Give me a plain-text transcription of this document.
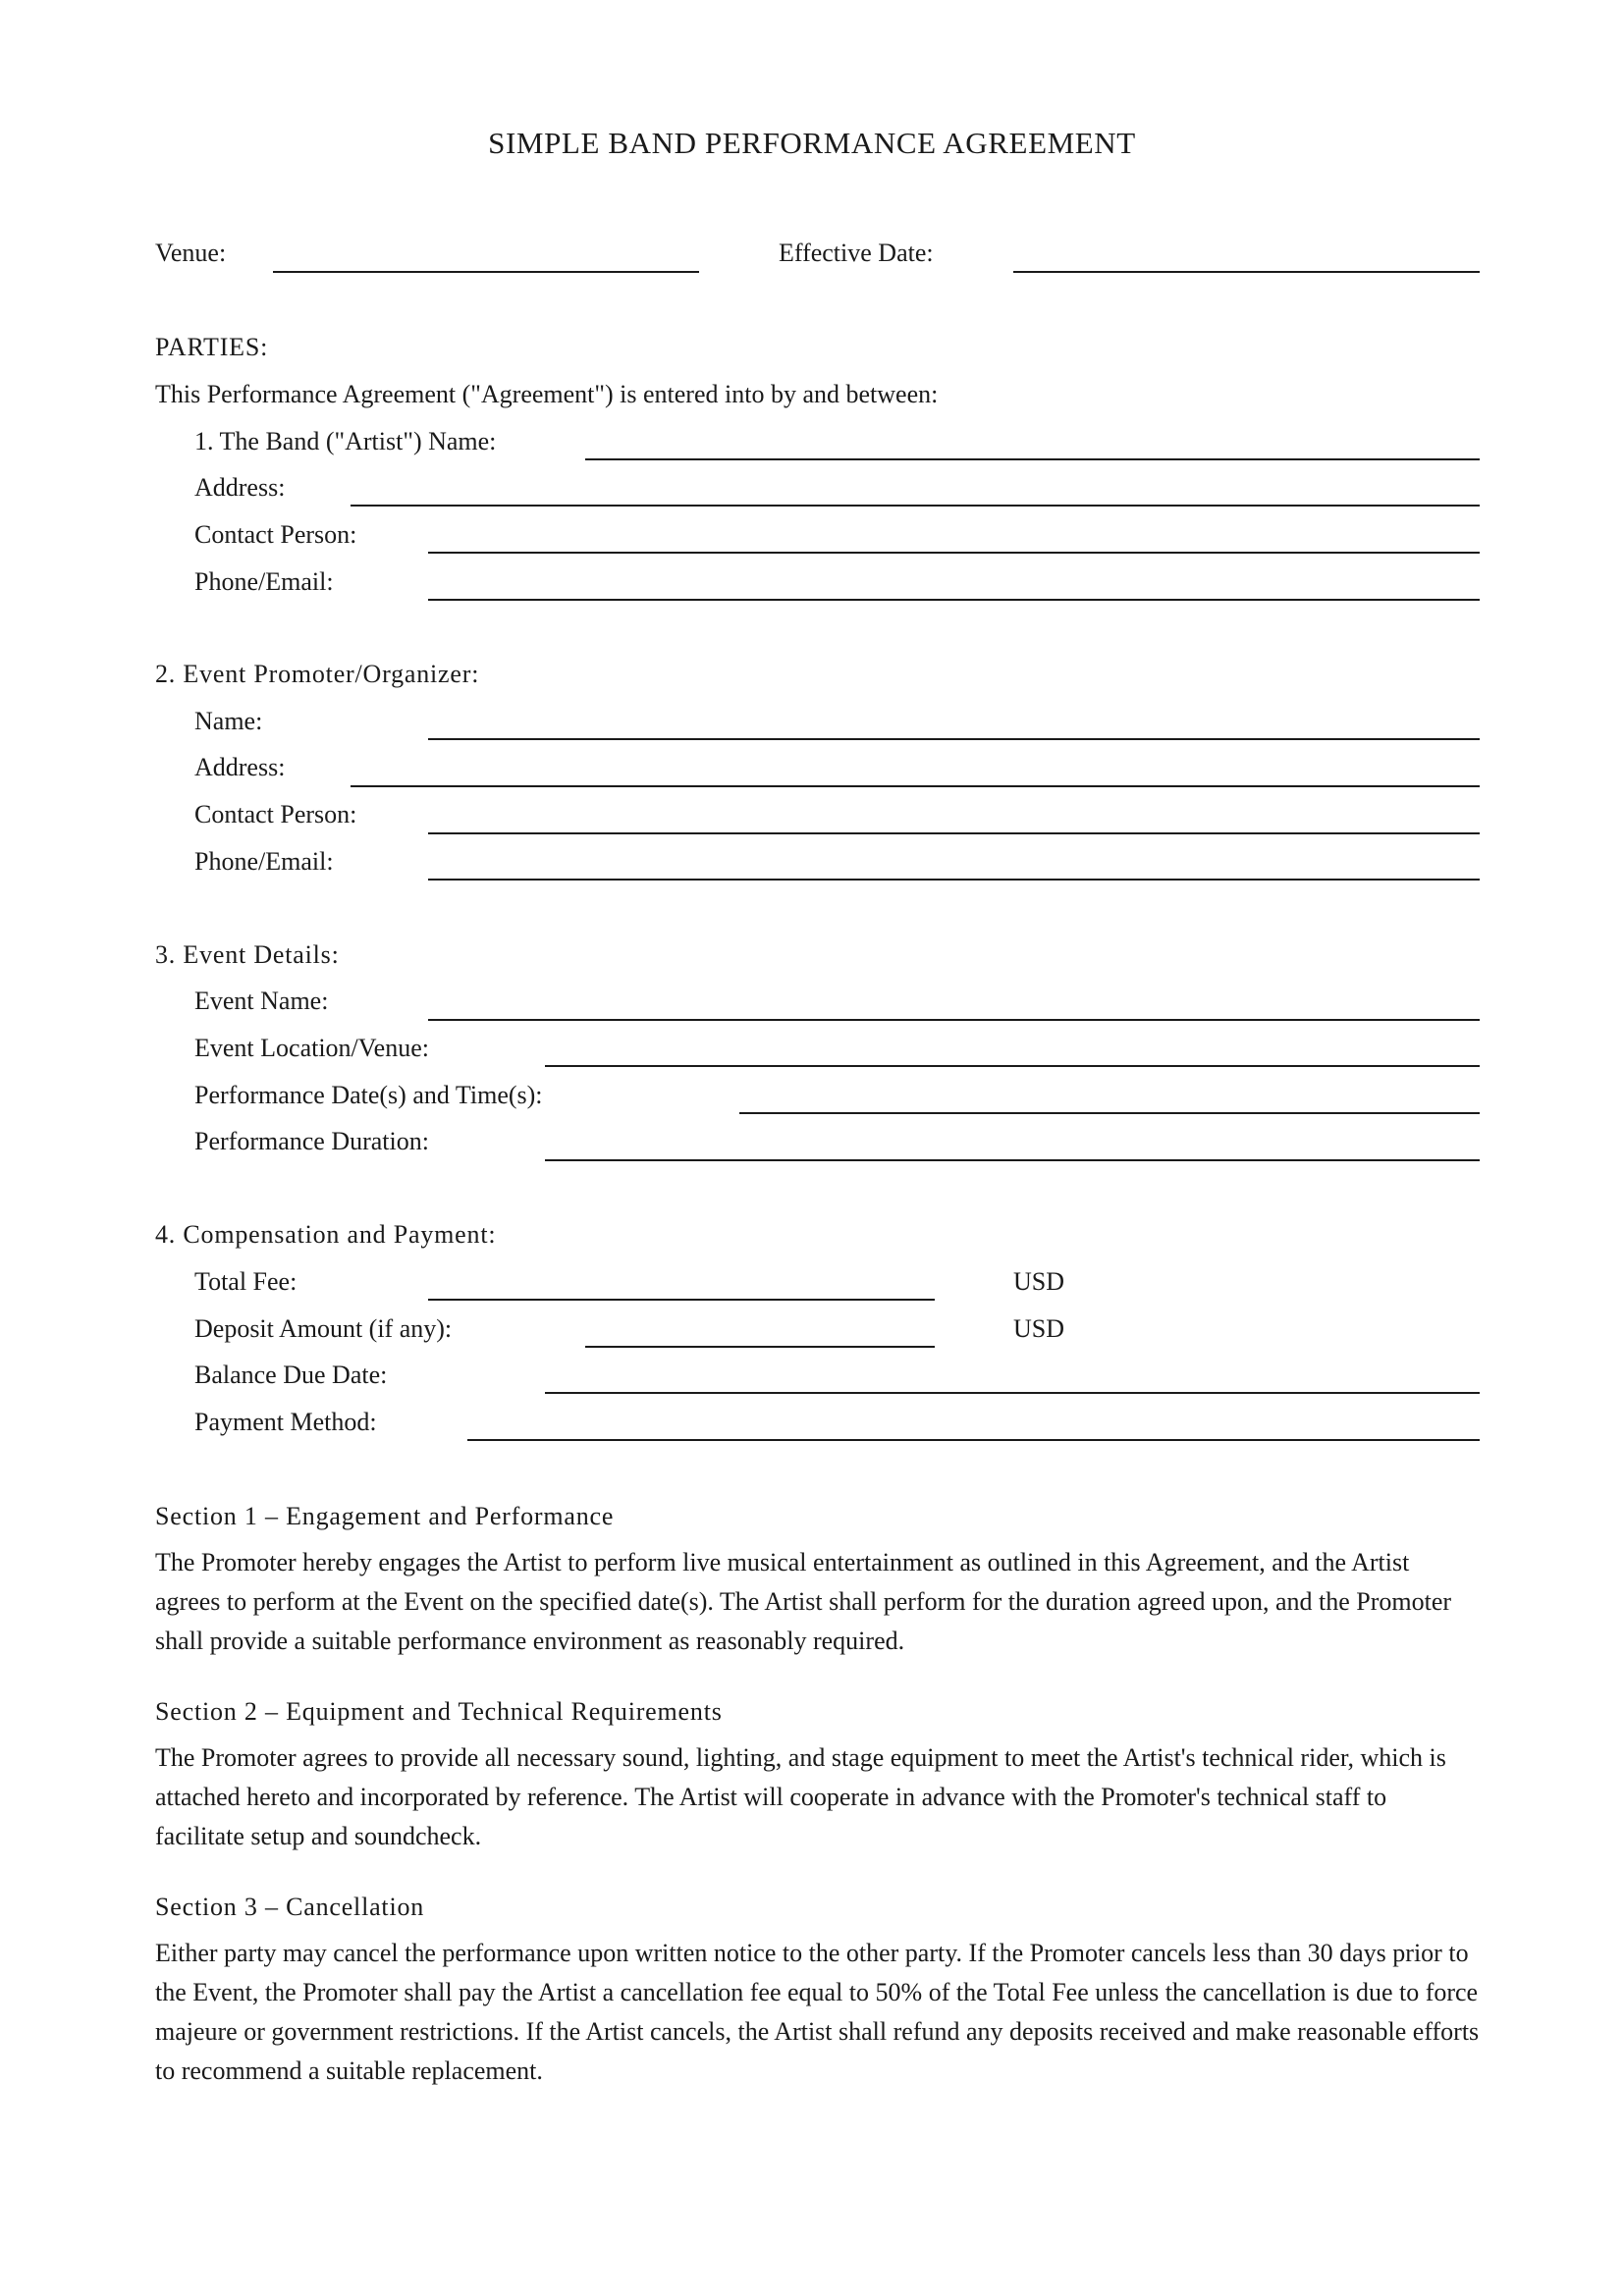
SIMPLE BAND PERFORMANCE AGREEMENT
Venue:	Effective Date:
PARTIES:
This Performance Agreement ("Agreement") is entered into by and between:
1. The Band ("Artist") Name:
Address:
Contact Person:
Phone/Email:
2. Event Promoter/Organizer:
Name:
Address:
Contact Person:
Phone/Email:
3. Event Details:
Event Name:
Event Location/Venue:
Performance Date(s) and Time(s):
Performance Duration:
4. Compensation and Payment:
Total Fee:	USD
Deposit Amount (if any):	USD
Balance Due Date:
Payment Method:
Section 1 – Engagement and Performance
The Promoter hereby engages the Artist to perform live musical entertainment as outlined in this Agreement, and the Artist agrees to perform at the Event on the specified date(s). The Artist shall perform for the duration agreed upon, and the Promoter shall provide a suitable performance environment as reasonably required.
Section 2 – Equipment and Technical Requirements
The Promoter agrees to provide all necessary sound, lighting, and stage equipment to meet the Artist's technical rider, which is attached hereto and incorporated by reference. The Artist will cooperate in advance with the Promoter's technical staff to facilitate setup and soundcheck.
Section 3 – Cancellation
Either party may cancel the performance upon written notice to the other party. If the Promoter cancels less than 30 days prior to the Event, the Promoter shall pay the Artist a cancellation fee equal to 50% of the Total Fee unless the cancellation is due to force majeure or government restrictions. If the Artist cancels, the Artist shall refund any deposits received and make reasonable efforts to recommend a suitable replacement.
